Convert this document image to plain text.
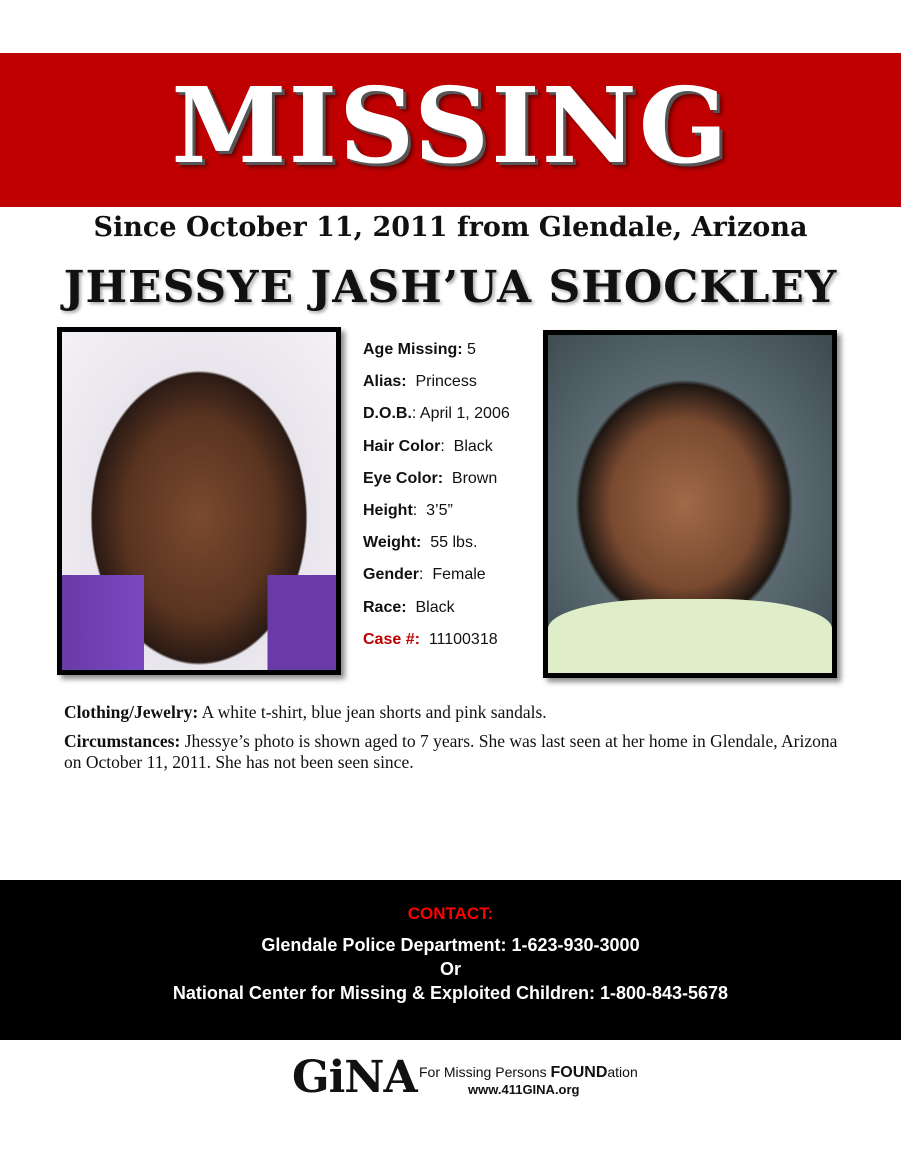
MISSING
Since October 11, 2011 from Glendale, Arizona
JHESSYE JASH’UA SHOCKLEY
Age Missing: 5
Alias:  Princess
D.O.B.: April 1, 2006
Hair Color:  Black
Eye Color:  Brown
Height:  3’5”
Weight:  55 lbs.
Gender:  Female
Race:  Black
Case #:  11100318
Clothing/Jewelry: A white t-shirt, blue jean shorts and pink sandals.
Circumstances: Jhessye’s photo is shown aged to 7 years. She was last seen at her home in Glendale, Arizona on October 11, 2011. She has not been seen since.
CONTACT:
Glendale Police Department: 1-623-930-3000
Or
National Center for Missing & Exploited Children: 1-800-843-5678
GiNA For Missing Persons FOUNDation
www.411GINA.org
